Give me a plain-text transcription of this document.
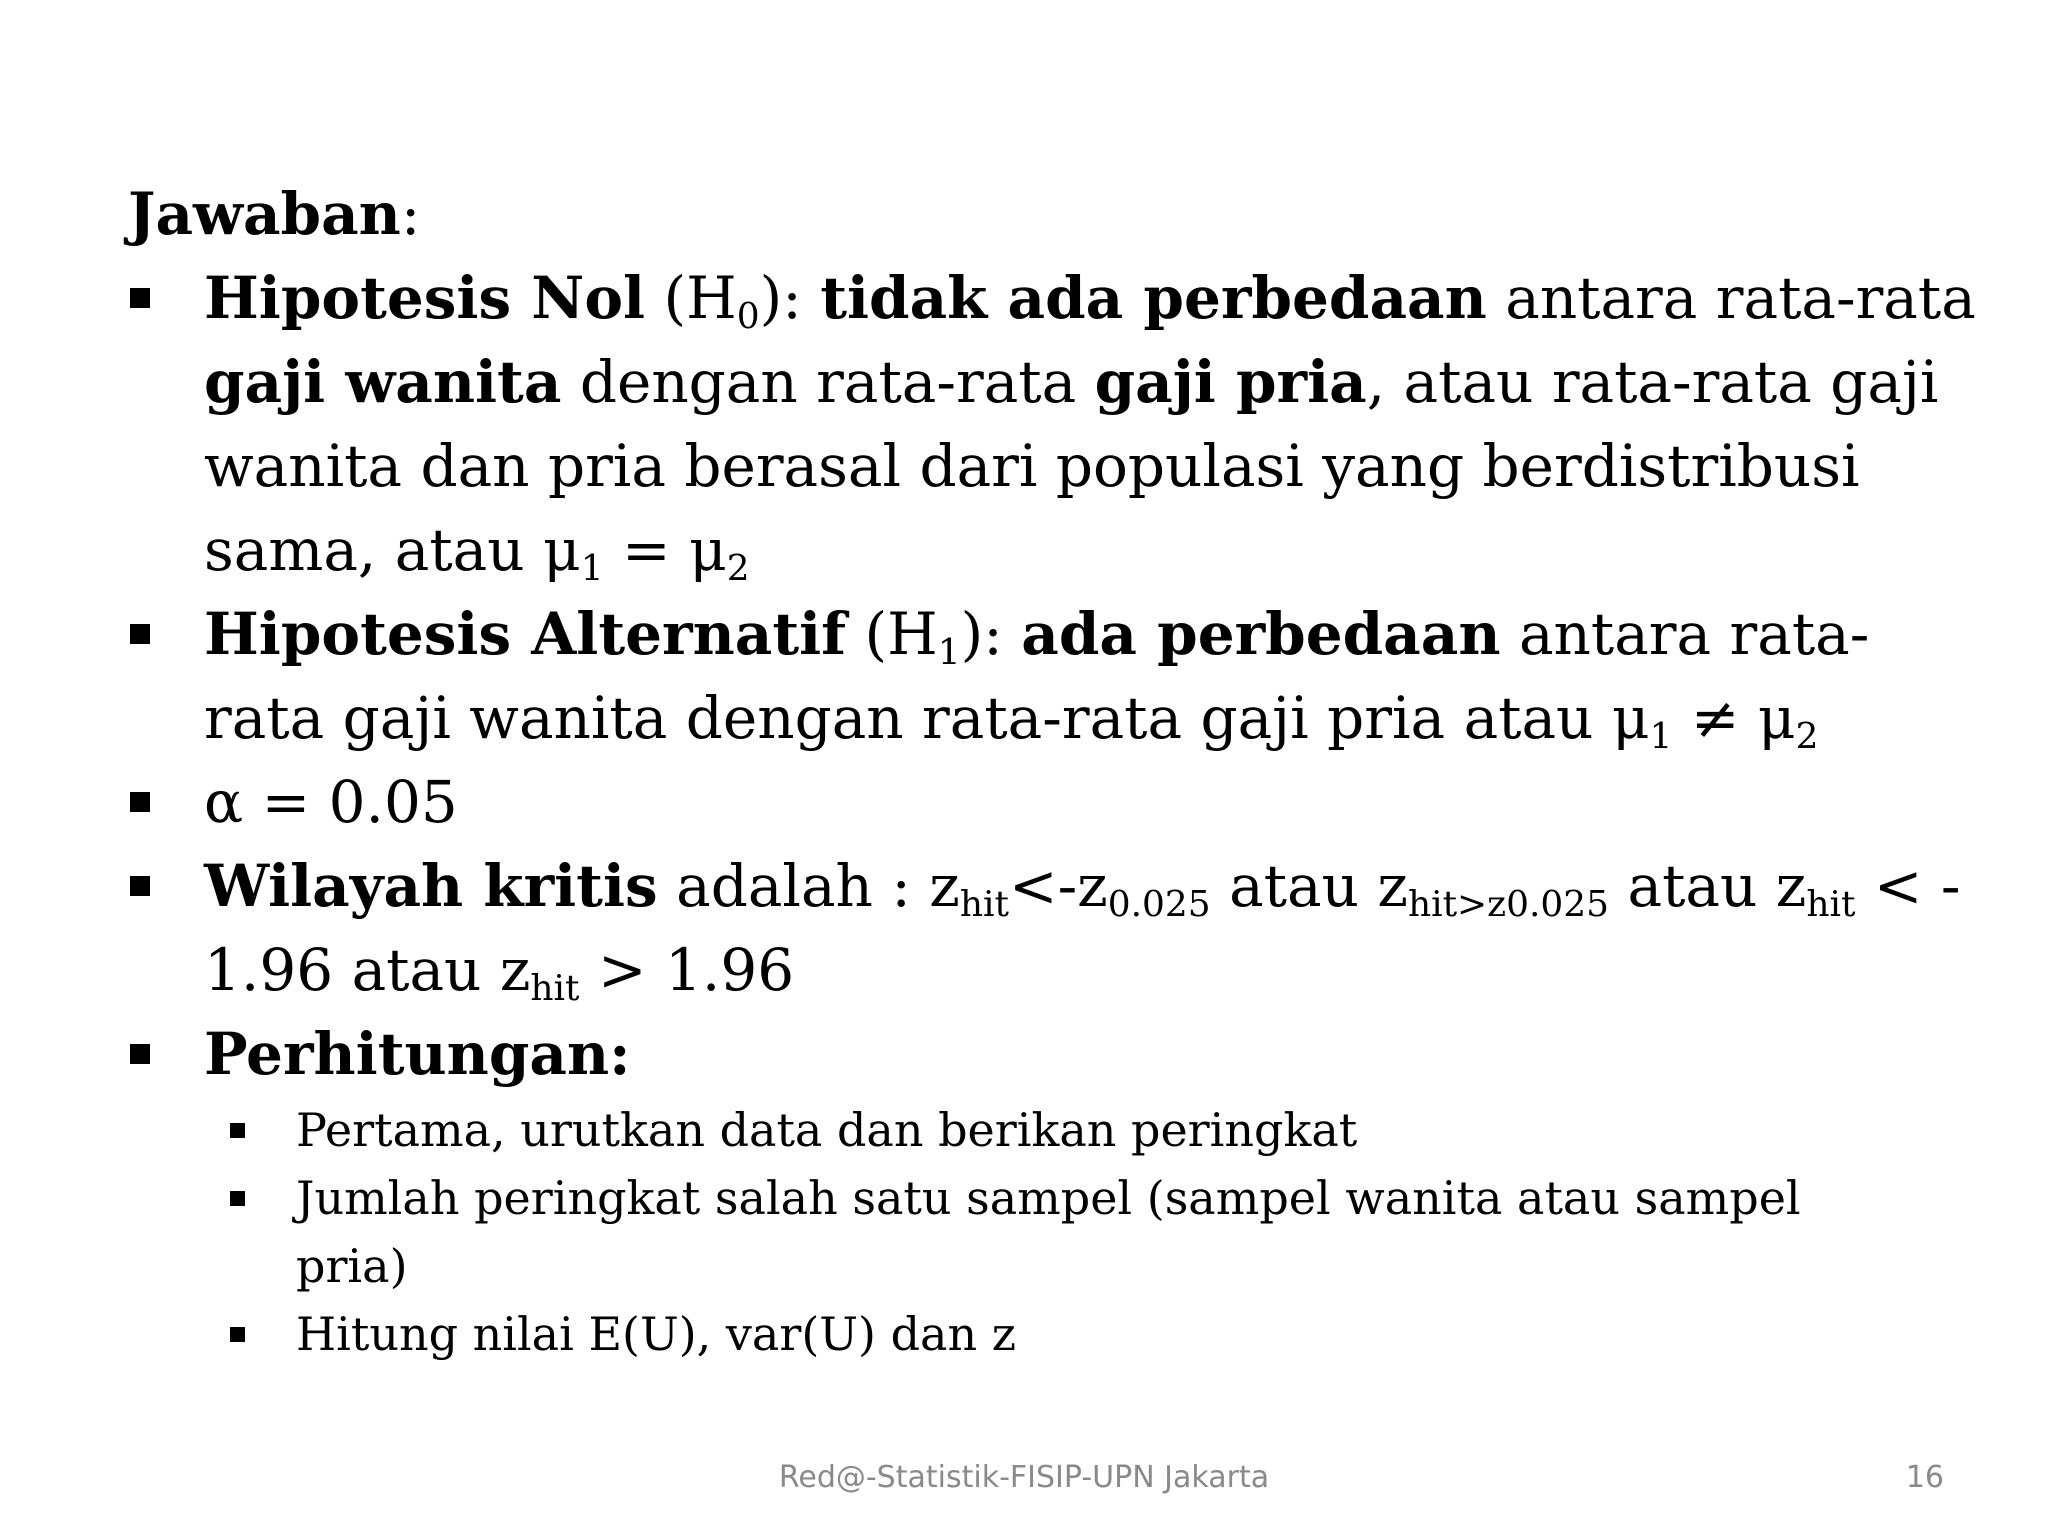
Jawaban:
Hipotesis Nol $(H_0)$: tidak ada perbedaan antara rata-rata
gaji wanita dengan rata-rata gaji pria, atau rata-rata gaji
wanita dan pria berasal dari populasi yang berdistribusi
sama, atau $\mu_1 = \mu_2$
Hipotesis Alternatif $(H_1)$: ada perbedaan antara rata-
rata gaji wanita dengan rata-rata gaji pria atau $\mu_1 \ne \mu_2$
α = 0.05
Wilayah kritis adalah : $z_{hit}<-z_{0.025}$ atau $z_{hit>z0.025}$ atau $z_{hit}$ < -
1.96 atau $z_{hit} > 1.96$
Perhitungan:
Pertama, urutkan data dan berikan peringkat
Jumlah peringkat salah satu sampel (sampel wanita atau sampel
pria)
Hitung nilai E(U), var(U) dan z
Red@-Statistik-FISIP-UPN Jakarta	16
